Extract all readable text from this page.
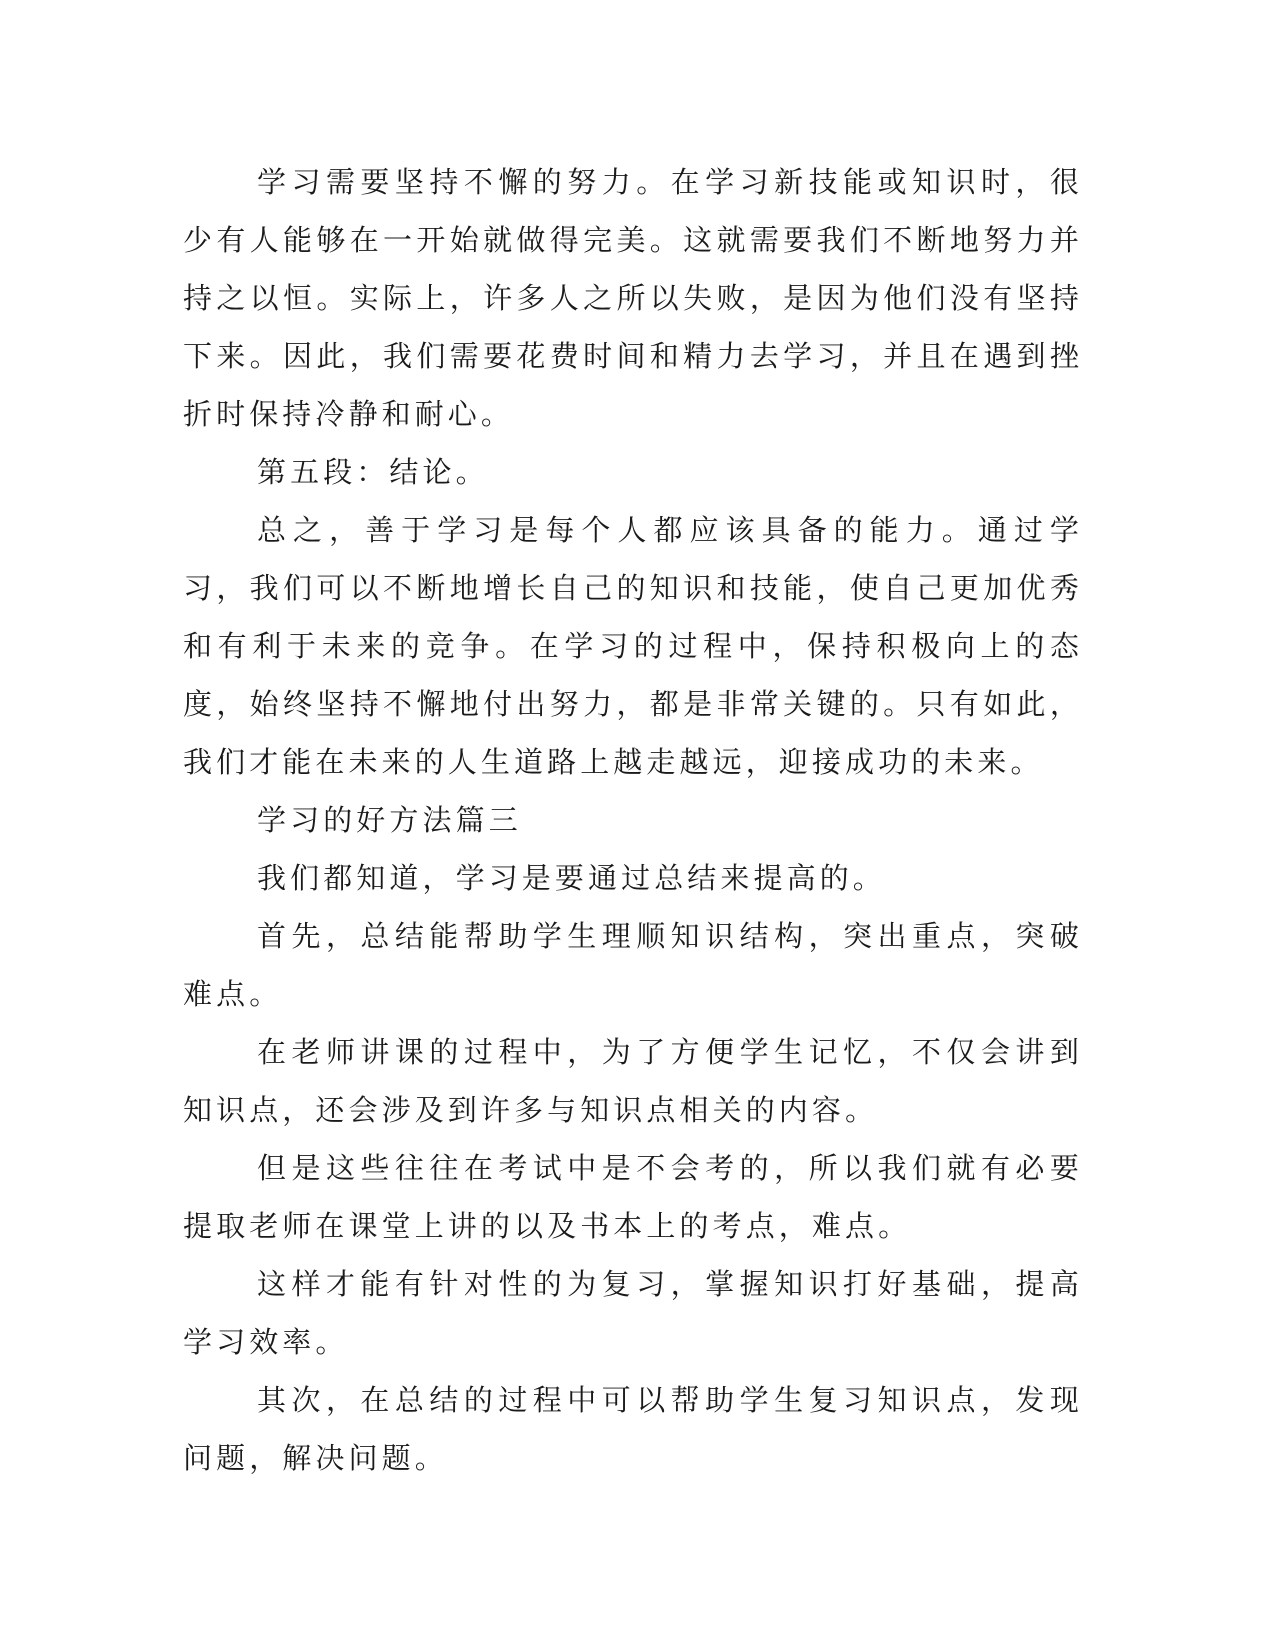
学习需要坚持不懈的努力。在学习新技能或知识时，很少有人能够在一开始就做得完美。这就需要我们不断地努力并持之以恒。实际上，许多人之所以失败，是因为他们没有坚持下来。因此，我们需要花费时间和精力去学习，并且在遇到挫折时保持冷静和耐心。

第五段：结论。

总之，善于学习是每个人都应该具备的能力。通过学习，我们可以不断地增长自己的知识和技能，使自己更加优秀和有利于未来的竞争。在学习的过程中，保持积极向上的态度，始终坚持不懈地付出努力，都是非常关键的。只有如此，我们才能在未来的人生道路上越走越远，迎接成功的未来。

学习的好方法篇三

我们都知道，学习是要通过总结来提高的。

首先，总结能帮助学生理顺知识结构，突出重点，突破难点。

在老师讲课的过程中，为了方便学生记忆，不仅会讲到知识点，还会涉及到许多与知识点相关的内容。

但是这些往往在考试中是不会考的，所以我们就有必要提取老师在课堂上讲的以及书本上的考点，难点。

这样才能有针对性的为复习，掌握知识打好基础，提高学习效率。

其次，在总结的过程中可以帮助学生复习知识点，发现问题，解决问题。
